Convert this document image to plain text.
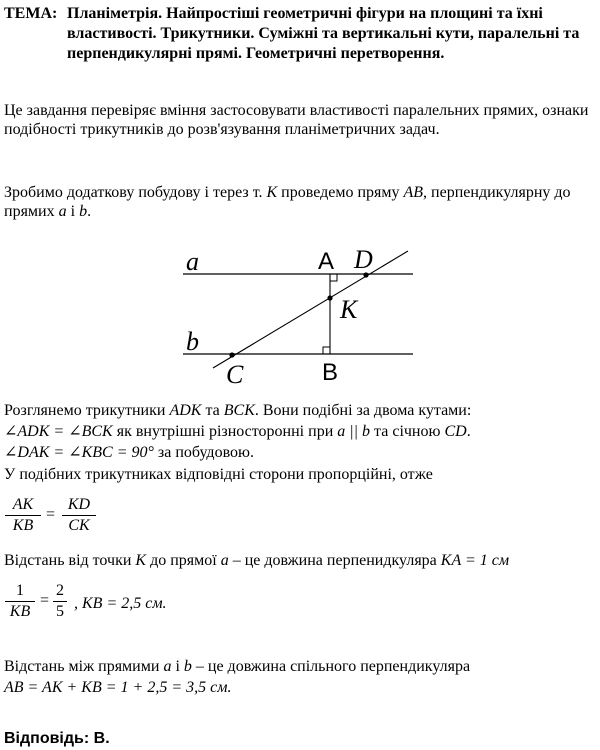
ТЕМА: Планіметрія. Найпростіші геометричні фігури на площині та їхні властивості. Трикутники. Суміжні та вертикальні кути, паралельні та перпендикулярні прямі. Геометричні перетворення.
Це завдання перевіряє вміння застосовувати властивості паралельних прямих, ознаки подібності трикутників до розв'язування планіметричних задач.
Зробимо додаткову побудову і терез т. K проведемо пряму AB, перпендикулярну до прямих a і b.
a
b
A D
K
C	B
Розглянемо трикутники ADK та BCK. Вони подібні за двома кутами:
∠ADK = ∠BCK як внутрішні різносторонні при a || b та січною CD.
∠DAK = ∠KBC = 90° за побудовою.
У подібних трикутниках відповідні сторони пропорційні, отже
AK
KB
=
KD
CK
Відстань від точки K до прямої a – це довжина перпенидкуляра KA = 1 см
1
KB
=
2
5 , KB = 2,5 см.
Відстань між прямими a і b – це довжина спільного перпендикуляра
AB = AK + KB = 1 + 2,5 = 3,5 см.
Відповідь: В.
